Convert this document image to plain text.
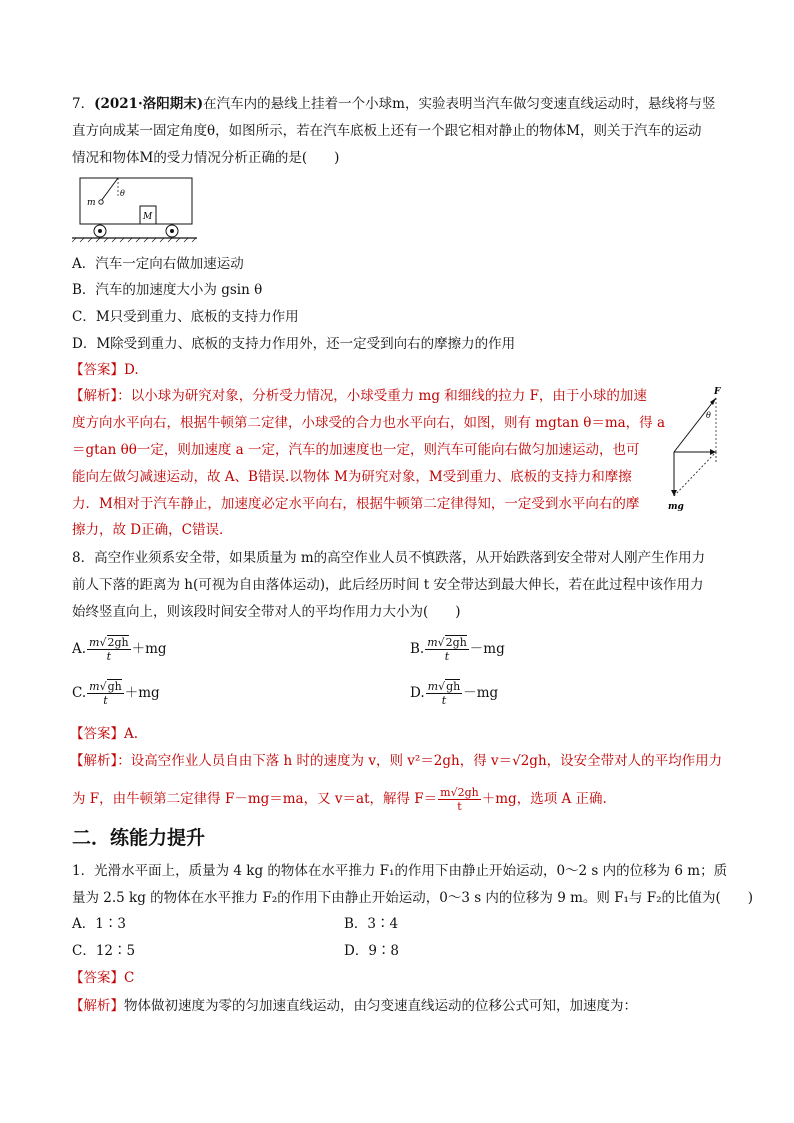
7．(2021·洛阳期末)在汽车内的悬线上挂着一个小球m，实验表明当汽车做匀变速直线运动时，悬线将与竖
直方向成某一固定角度θ，如图所示，若在汽车底板上还有一个跟它相对静止的物体M，则关于汽车的运动
情况和物体M的受力情况分析正确的是(　　)
m
θ
M
A．汽车一定向右做加速运动
B．汽车的加速度大小为 gsin θ
C．M只受到重力、底板的支持力作用
D．M除受到重力、底板的支持力作用外，还一定受到向右的摩擦力的作用
【答案】D.
【解析】：以小球为研究对象，分析受力情况，小球受重力 mg 和细线的拉力 F，由于小球的加速
度方向水平向右，根据牛顿第二定律，小球受的合力也水平向右，如图，则有 mgtan θ＝ma，得 a
＝gtan θθ一定，则加速度 a 一定，汽车的加速度也一定，则汽车可能向右做匀加速运动，也可
能向左做匀减速运动，故 A、B错误.以物体 M为研究对象，M受到重力、底板的支持力和摩擦
力．M相对于汽车静止，加速度必定水平向右，根据牛顿第二定律得知，一定受到水平向右的摩
擦力，故 D正确，C错误．
F
θ
mg
8．高空作业须系安全带，如果质量为 m的高空作业人员不慎跌落，从开始跌落到安全带对人刚产生作用力
前人下落的距离为 h(可视为自由落体运动)，此后经历时间 t 安全带达到最大伸长，若在此过程中该作用力
始终竖直向上，则该段时间安全带对人的平均作用力大小为(　　)
A. $\frac{m√2gh}{t} +mg$	B. $\frac{m√2gh}{t} -mg$
C. $\frac{m√gh}{t} +mg$	D. $\frac{m√gh}{t} -mg$
【答案】A.
【解析】：设高空作业人员自由下落 h 时的速度为 v，则 v²＝2gh，得 v＝√2gh，设安全带对人的平均作用力
为 F，由牛顿第二定律得 F－mg＝ma，又 v＝at，解得 $F= \frac{m√2gh}{t} +mg$，选项 A 正确.
二．练能力提升
1．光滑水平面上，质量为 4 kg 的物体在水平推力 F₁的作用下由静止开始运动，0～2 s 内的位移为 6 m；质
量为 2.5 kg 的物体在水平推力 F₂的作用下由静止开始运动，0～3 s 内的位移为 9 m。则 F₁与 F₂的比值为(　　)
A．1∶3	B．3∶4
C．12∶5	D．9∶8
【答案】C
【解析】物体做初速度为零的匀加速直线运动，由匀变速直线运动的位移公式可知，加速度为：
